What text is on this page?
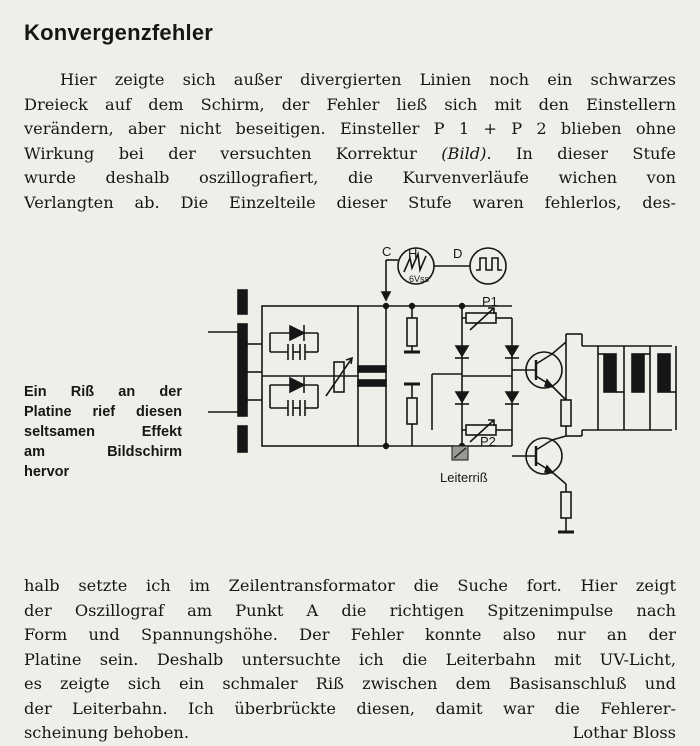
Konvergenzfehler

Hier zeigte sich außer divergierten Linien noch ein schwarzes
Dreieck auf dem Schirm, der Fehler ließ sich mit den Einstellern
verändern, aber nicht beseitigen. Einsteller P 1 + P 2 blieben ohne
Wirkung bei der versuchten Korrektur (Bild). In dieser Stufe
wurde deshalb oszillografiert, die Kurvenverläufe wichen von
Verlangten ab. Die Einzelteile dieser Stufe waren fehlerlos, des-

Ein Riß an der
Platine rief diesen
seltsamen Effekt
am Bildschirm
hervor
C H
6Vss
D
P1
P2
Leiterriß
halb setzte ich im Zeilentransformator die Suche fort. Hier zeigt
der Oszillograf am Punkt A die richtigen Spitzenimpulse nach
Form und Spannungshöhe. Der Fehler konnte also nur an der
Platine sein. Deshalb untersuchte ich die Leiterbahn mit UV-Licht,
es zeigte sich ein schmaler Riß zwischen dem Basisanschluß und
der Leiterbahn. Ich überbrückte diesen, damit war die Fehlerer-
scheinung behoben.	Lothar Bloss
